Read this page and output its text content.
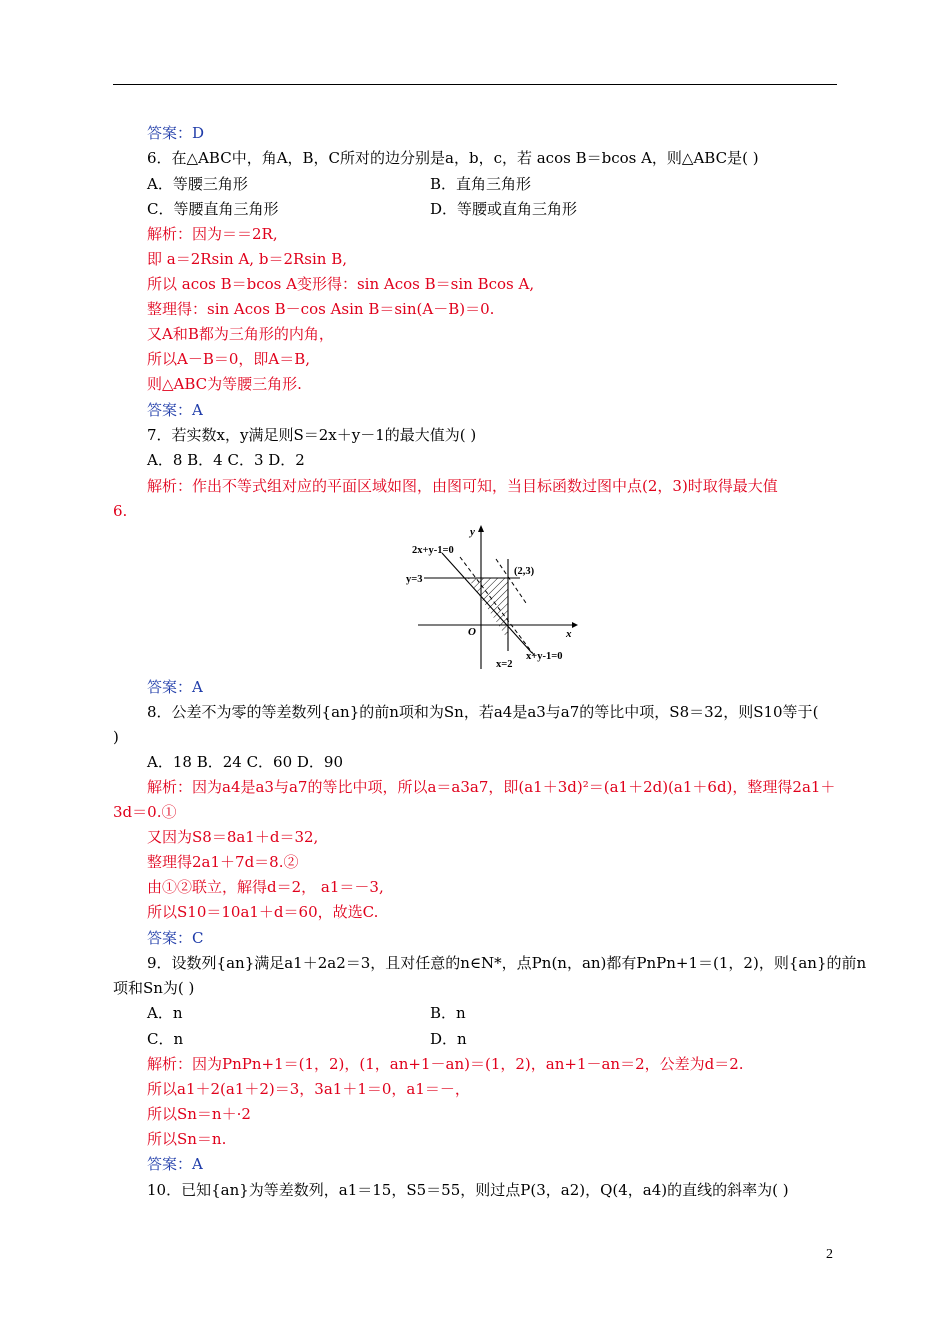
答案：D
6．在△ABC中，角A，B，C所对的边分别是a，b，c，若 acos B＝bcos A，则△ABC是( )
A．等腰三角形	B．直角三角形
C．等腰直角三角形	D．等腰或直角三角形
解析：因为＝＝2R,
即 a＝2Rsin A, b＝2Rsin B,
所以 acos B＝bcos A变形得：sin Acos B＝sin Bcos A,
整理得：sin Acos B－cos Asin B＝sin(A－B)＝0.
又A和B都为三角形的内角，
所以A－B＝0，即A＝B,
则△ABC为等腰三角形.
答案：A
7．若实数x，y满足则S＝2x＋y－1的最大值为( )
A．8 B．4 C．3 D．2
解析：作出不等式组对应的平面区域如图，由图可知，当目标函数过图中点(2，3)时取得最大值
6.
y
x
O
2x+y-1=0
y=3
(2,3)
x=2
x+y-1=0
答案：A
8．公差不为零的等差数列{an}的前n项和为Sn，若a4是a3与a7的等比中项，S8＝32，则S10等于(
)
A．18 B．24 C．60 D．90
解析：因为a4是a3与a7的等比中项，所以a＝a3a7，即(a1＋3d)²＝(a1＋2d)(a1＋6d)，整理得2a1＋
3d＝0.①
又因为S8＝8a1＋d＝32,
整理得2a1＋7d＝8.②
由①②联立，解得d＝2， a1＝－3,
所以S10＝10a1＋d＝60，故选C.
答案：C
9．设数列{an}满足a1＋2a2＝3，且对任意的n∈N*，点Pn(n，an)都有PnPn+1＝(1，2)，则{an}的前n
项和Sn为( )
A．n	B．n
C．n	D．n
解析：因为PnPn+1＝(1，2)，(1，an+1－an)＝(1，2)，an+1－an＝2，公差为d＝2.
所以a1＋2(a1＋2)＝3，3a1＋1＝0，a1＝－，
所以Sn＝n＋·2
所以Sn＝n.
答案：A
10．已知{an}为等差数列，a1＝15，S5＝55，则过点P(3，a2)，Q(4，a4)的直线的斜率为( )
2
